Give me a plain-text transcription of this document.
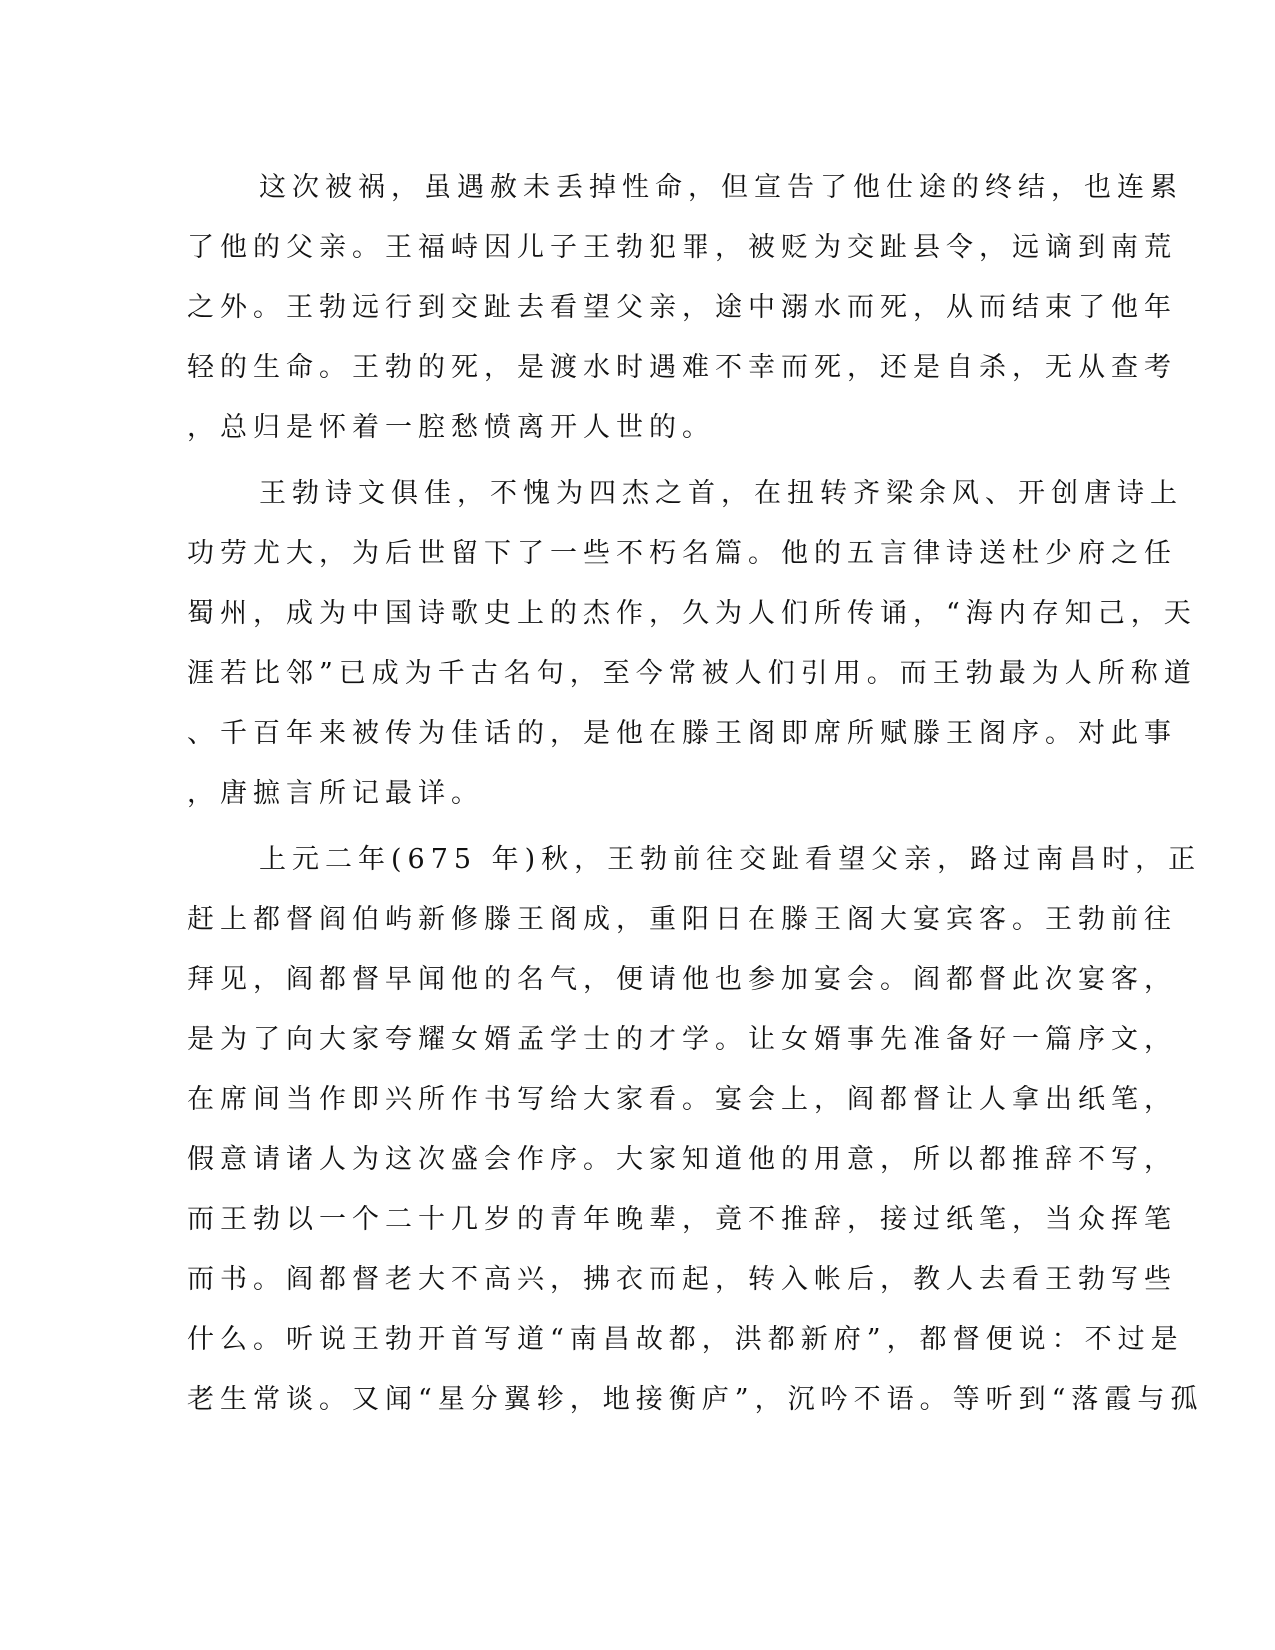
这次被祸，虽遇赦未丢掉性命，但宣告了他仕途的终结，也连累
了他的父亲。王福峙因儿子王勃犯罪，被贬为交趾县令，远谪到南荒
之外。王勃远行到交趾去看望父亲，途中溺水而死，从而结束了他年
轻的生命。王勃的死，是渡水时遇难不幸而死，还是自杀，无从查考
，总归是怀着一腔愁愤离开人世的。
王勃诗文俱佳，不愧为四杰之首，在扭转齐梁余风、开创唐诗上
功劳尤大，为后世留下了一些不朽名篇。他的五言律诗送杜少府之任
蜀州，成为中国诗歌史上的杰作，久为人们所传诵，“海内存知己，天
涯若比邻”已成为千古名句，至今常被人们引用。而王勃最为人所称道
、千百年来被传为佳话的，是他在滕王阁即席所赋滕王阁序。对此事
，唐摭言所记最详。
上元二年(675 年)秋，王勃前往交趾看望父亲，路过南昌时，正
赶上都督阎伯屿新修滕王阁成，重阳日在滕王阁大宴宾客。王勃前往
拜见，阎都督早闻他的名气，便请他也参加宴会。阎都督此次宴客，
是为了向大家夸耀女婿孟学士的才学。让女婿事先准备好一篇序文，
在席间当作即兴所作书写给大家看。宴会上，阎都督让人拿出纸笔，
假意请诸人为这次盛会作序。大家知道他的用意，所以都推辞不写，
而王勃以一个二十几岁的青年晚辈，竟不推辞，接过纸笔，当众挥笔
而书。阎都督老大不高兴，拂衣而起，转入帐后，教人去看王勃写些
什么。听说王勃开首写道“南昌故都，洪都新府”，都督便说：不过是
老生常谈。又闻“星分翼轸，地接衡庐”，沉吟不语。等听到“落霞与孤
